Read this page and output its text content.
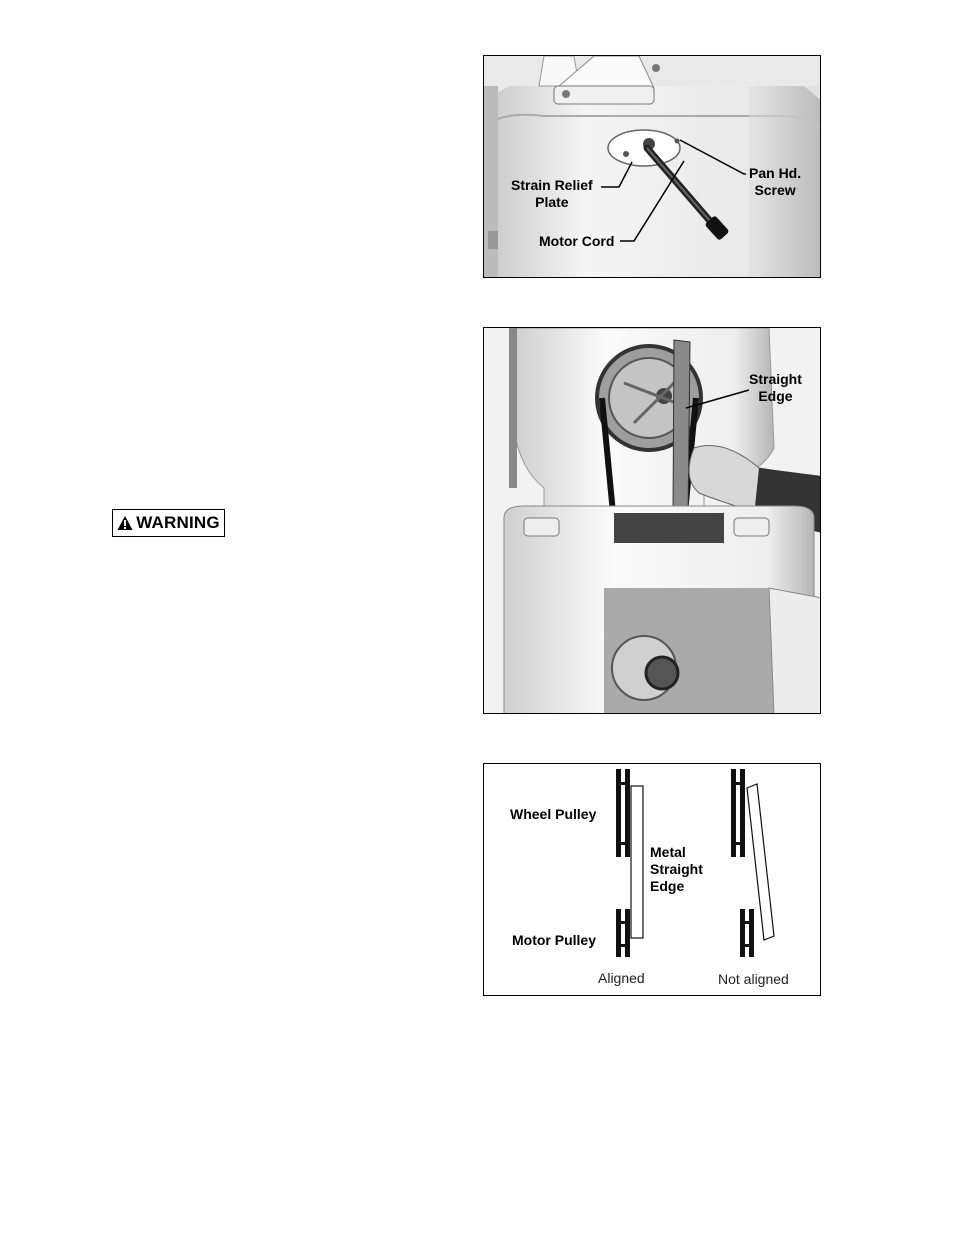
WARNING
Strain Relief
Plate
Pan Hd.
Screw
Motor Cord
Straight
Edge
Wheel Pulley
Motor Pulley
Metal
Straight
Edge
Aligned	Not aligned
